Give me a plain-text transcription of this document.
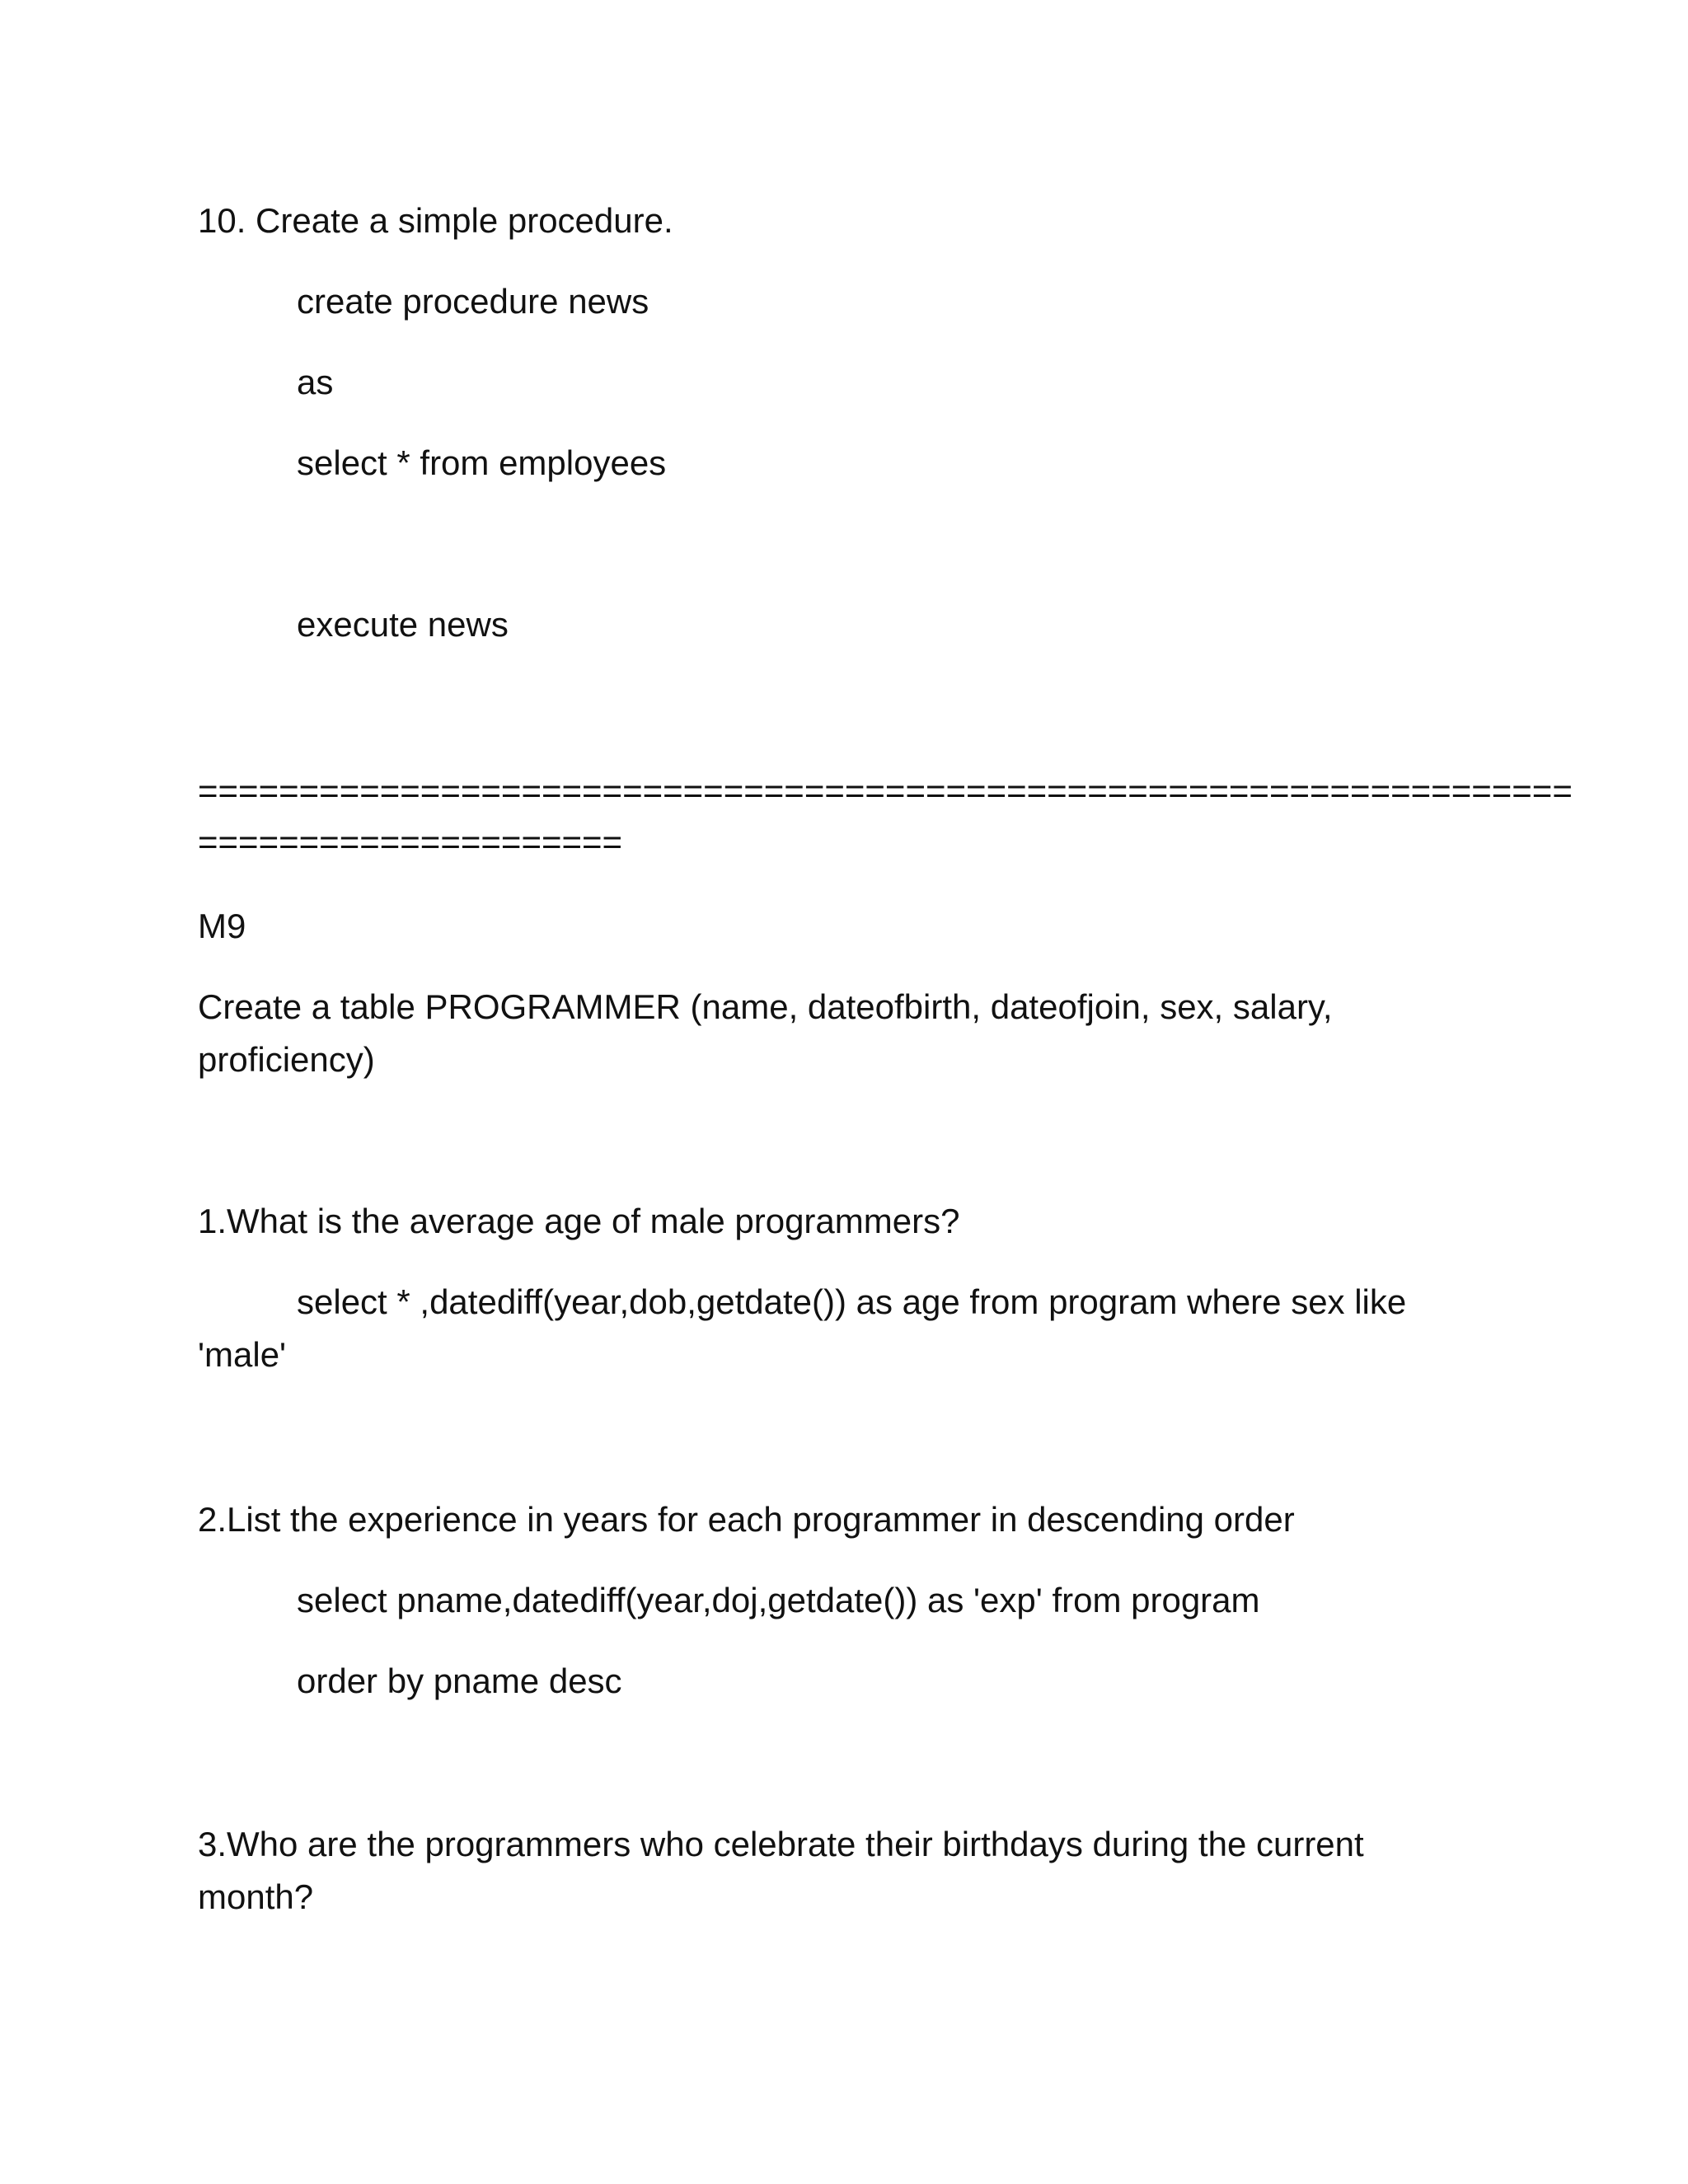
10. Create a simple procedure.
create procedure news
as
select * from employees
execute news
====================================================================
=====================
M9
Create a table PROGRAMMER (name, dateofbirth, dateofjoin, sex, salary, proficiency)
1.What is the average age of male programmers?
select * ,datediff(year,dob,getdate()) as age from program where sex like 'male'
2.List the experience in years for each programmer in descending order
select pname,datediff(year,doj,getdate()) as 'exp' from program
order by pname desc
3.Who are the programmers who celebrate their birthdays during the current month?
